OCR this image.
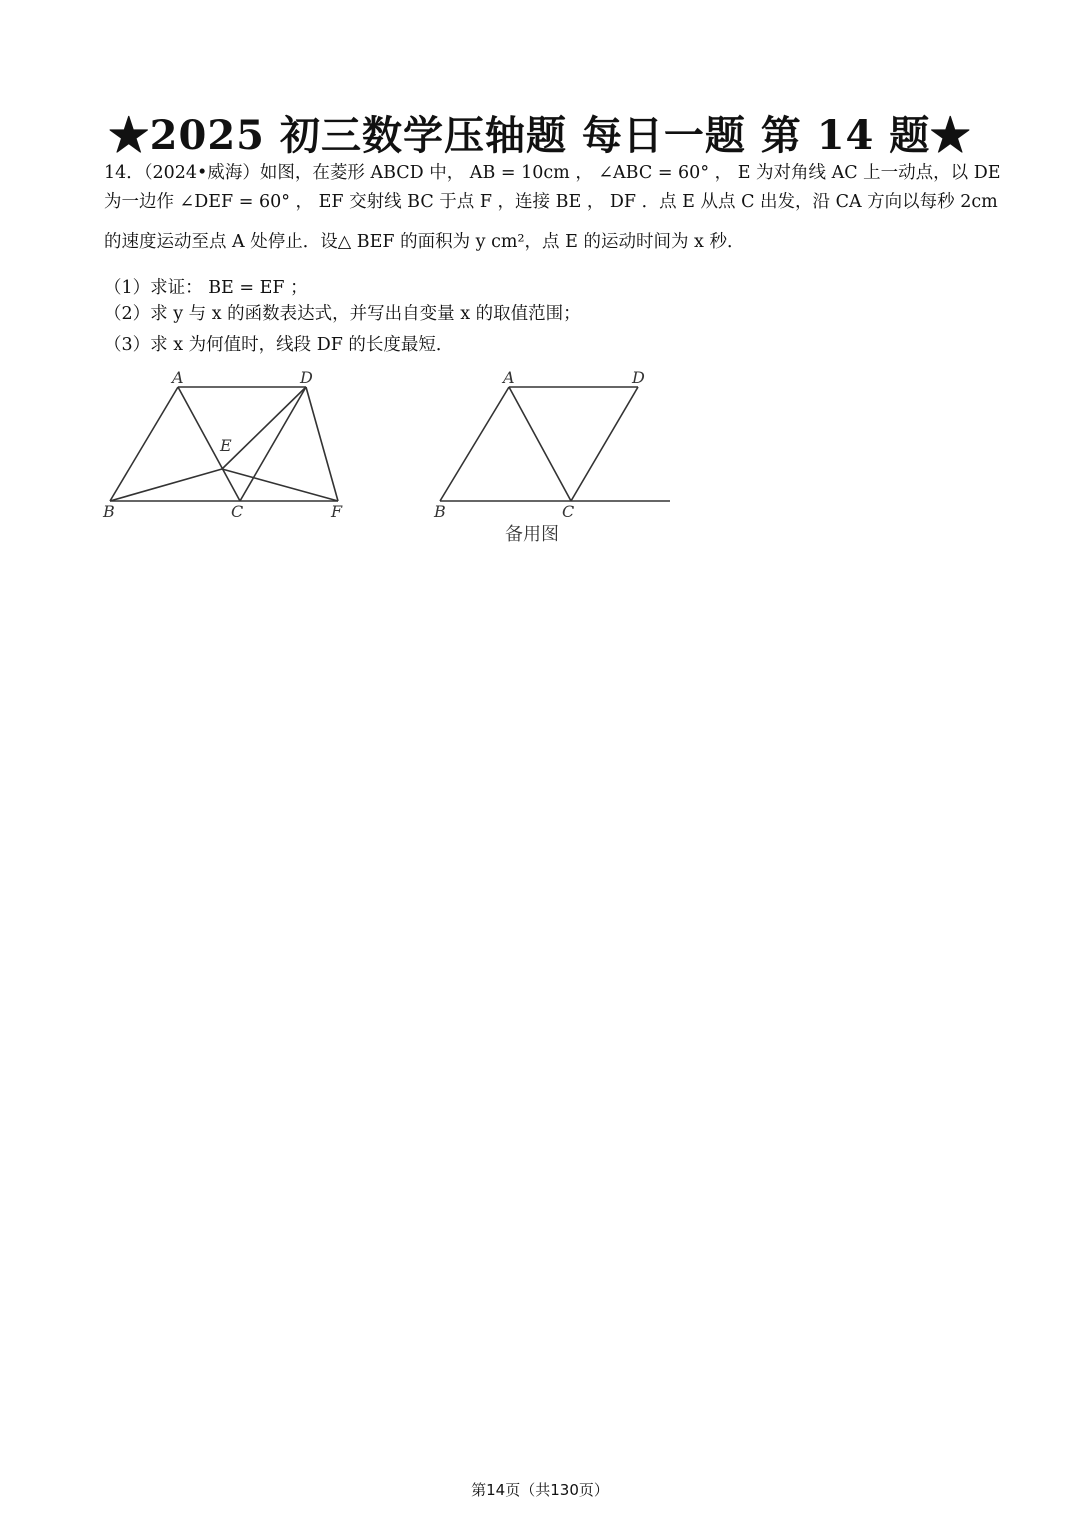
★2025 初三数学压轴题 每日一题 第 14 题★
14．（2024•威海）如图，在菱形 ABCD 中， AB = 10cm ， ∠ABC = 60° ， E 为对角线 AC 上一动点，以 DE
为一边作 ∠DEF = 60° ， EF 交射线 BC 于点 F ，连接 BE ， DF ．点 E 从点 C 出发，沿 CA 方向以每秒 2cm
的速度运动至点 A 处停止．设△ BEF 的面积为 y cm²，点 E 的运动时间为 x 秒．
（1）求证： BE = EF ；
（2）求 y 与 x 的函数表达式，并写出自变量 x 的取值范围；
（3）求 x 为何值时，线段 DF 的长度最短．
A	D
E
B	C	F
A	D
B	C
备用图
第14页（共130页）
